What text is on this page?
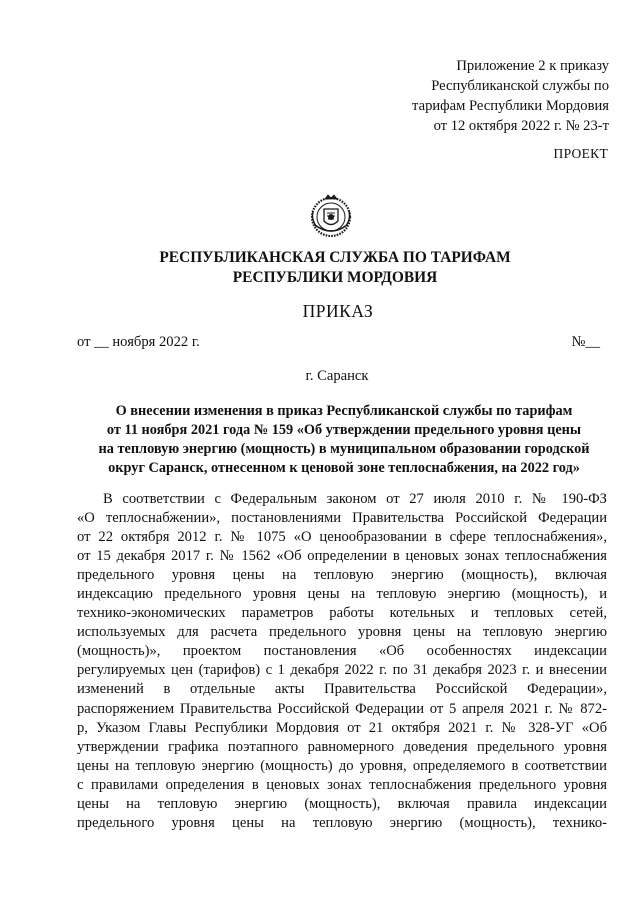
Приложение 2 к приказу
Республиканской службы по
тарифам Республики Мордовия
от 12 октября 2022 г. № 23-т
ПРОЕКТ
РЕСПУБЛИКАНСКАЯ СЛУЖБА ПО ТАРИФАМ
РЕСПУБЛИКИ МОРДОВИЯ
ПРИКАЗ
от __ ноября 2022 г.	№__
г. Саранск
О внесении изменения в приказ Республиканской службы по тарифам
от 11 ноября 2021 года № 159 «Об утверждении предельного уровня цены
на тепловую энергию (мощность) в муниципальном образовании городской
округ Саранск, отнесенном к ценовой зоне теплоснабжения, на 2022 год»
В соответствии с Федеральным законом от 27 июля 2010 г. № 190-ФЗ
«О теплоснабжении», постановлениями Правительства Российской Федерации
от 22 октября 2012 г. № 1075 «О ценообразовании в сфере теплоснабжения»,
от 15 декабря 2017 г. № 1562 «Об определении в ценовых зонах теплоснабжения
предельного уровня цены на тепловую энергию (мощность), включая
индексацию предельного уровня цены на тепловую энергию (мощность), и
технико-экономических параметров работы котельных и тепловых сетей,
используемых для расчета предельного уровня цены на тепловую энергию
(мощность)», проектом постановления «Об особенностях индексации
регулируемых цен (тарифов) с 1 декабря 2022 г. по 31 декабря 2023 г. и внесении
изменений в отдельные акты Правительства Российской Федерации»,
распоряжением Правительства Российской Федерации от 5 апреля 2021 г. № 872-
р, Указом Главы Республики Мордовия от 21 октября 2021 г. № 328-УГ «Об
утверждении графика поэтапного равномерного доведения предельного уровня
цены на тепловую энергию (мощность) до уровня, определяемого в соответствии
с правилами определения в ценовых зонах теплоснабжения предельного уровня
цены на тепловую энергию (мощность), включая правила индексации
предельного уровня цены на тепловую энергию (мощность), технико-
